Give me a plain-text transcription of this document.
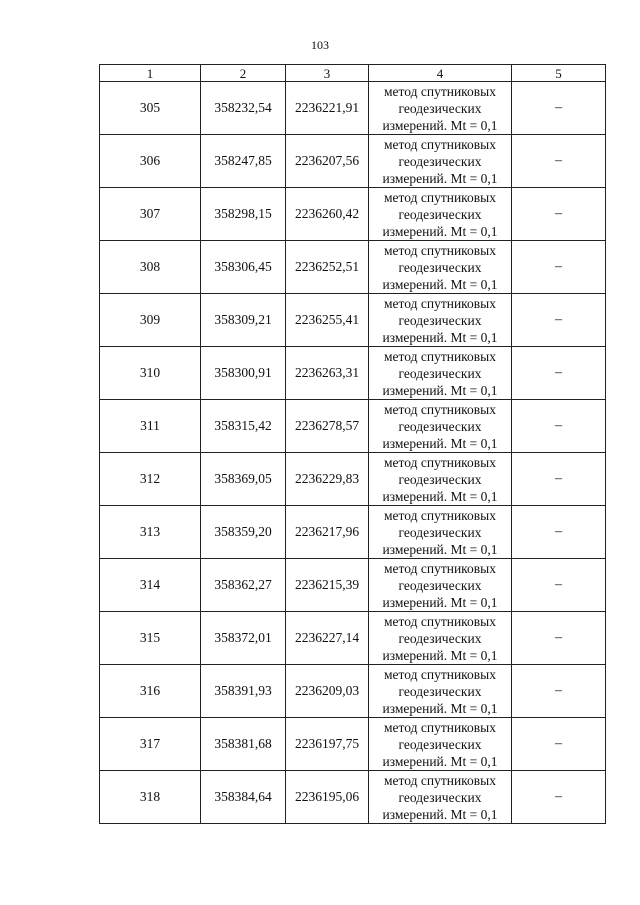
103
1	2	3	4	5
305	358232,54	2236221,91	метод спутниковых
геодезических
измерений. Mt = 0,1	–
306	358247,85	2236207,56	метод спутниковых
геодезических
измерений. Mt = 0,1	–
307	358298,15	2236260,42	метод спутниковых
геодезических
измерений. Mt = 0,1	–
308	358306,45	2236252,51	метод спутниковых
геодезических
измерений. Mt = 0,1	–
309	358309,21	2236255,41	метод спутниковых
геодезических
измерений. Mt = 0,1	–
310	358300,91	2236263,31	метод спутниковых
геодезических
измерений. Mt = 0,1	–
311	358315,42	2236278,57	метод спутниковых
геодезических
измерений. Mt = 0,1	–
312	358369,05	2236229,83	метод спутниковых
геодезических
измерений. Mt = 0,1	–
313	358359,20	2236217,96	метод спутниковых
геодезических
измерений. Mt = 0,1	–
314	358362,27	2236215,39	метод спутниковых
геодезических
измерений. Mt = 0,1	–
315	358372,01	2236227,14	метод спутниковых
геодезических
измерений. Mt = 0,1	–
316	358391,93	2236209,03	метод спутниковых
геодезических
измерений. Mt = 0,1	–
317	358381,68	2236197,75	метод спутниковых
геодезических
измерений. Mt = 0,1	–
318	358384,64	2236195,06	метод спутниковых
геодезических
измерений. Mt = 0,1	–
